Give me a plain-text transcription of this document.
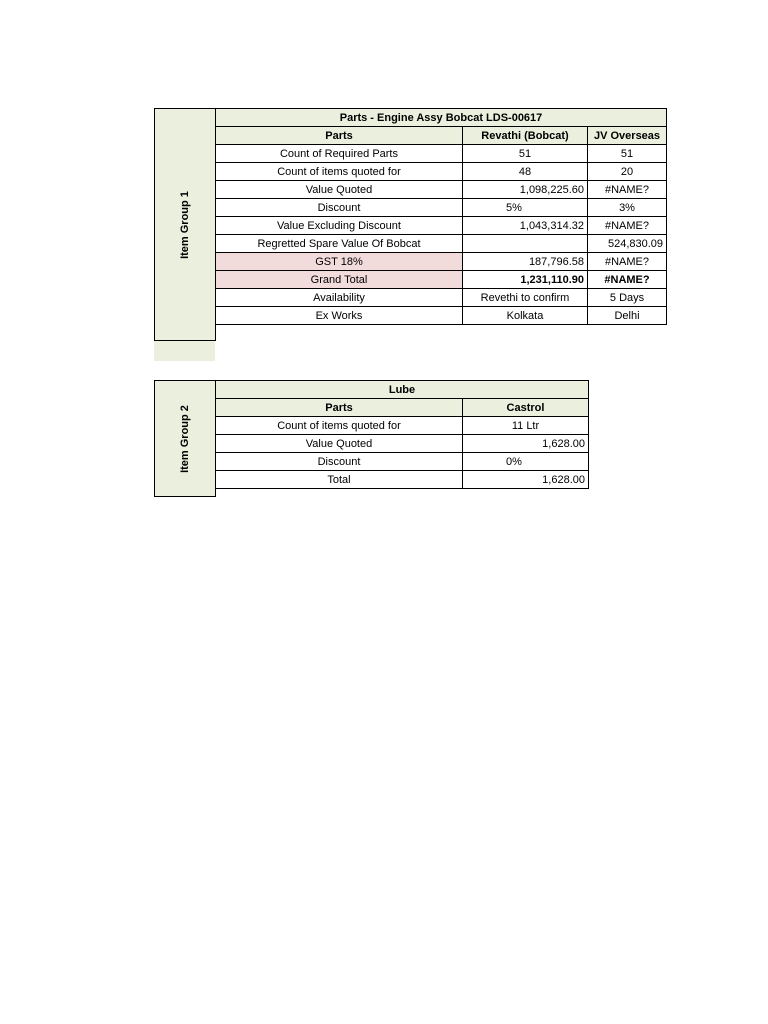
Item Group 1
Parts - Engine Assy Bobcat LDS-00617		
Parts	Revathi (Bobcat)	JV Overseas
Count of Required Parts	51	51
Count of items quoted for	48	20
Value Quoted	1,098,225.60	#NAME?
Discount	5%	3%
Value Excluding Discount	1,043,314.32	#NAME?
Regretted Spare Value Of Bobcat		524,830.09
GST 18%	187,796.58	#NAME?
Grand Total	1,231,110.90	#NAME?
Availability	Revethi to confirm	5 Days
Ex Works	Kolkata	Delhi
Item Group 2
Lube	
Parts	Castrol
Count of items quoted for	11 Ltr
Value Quoted	1,628.00
Discount	0%
Total	1,628.00
